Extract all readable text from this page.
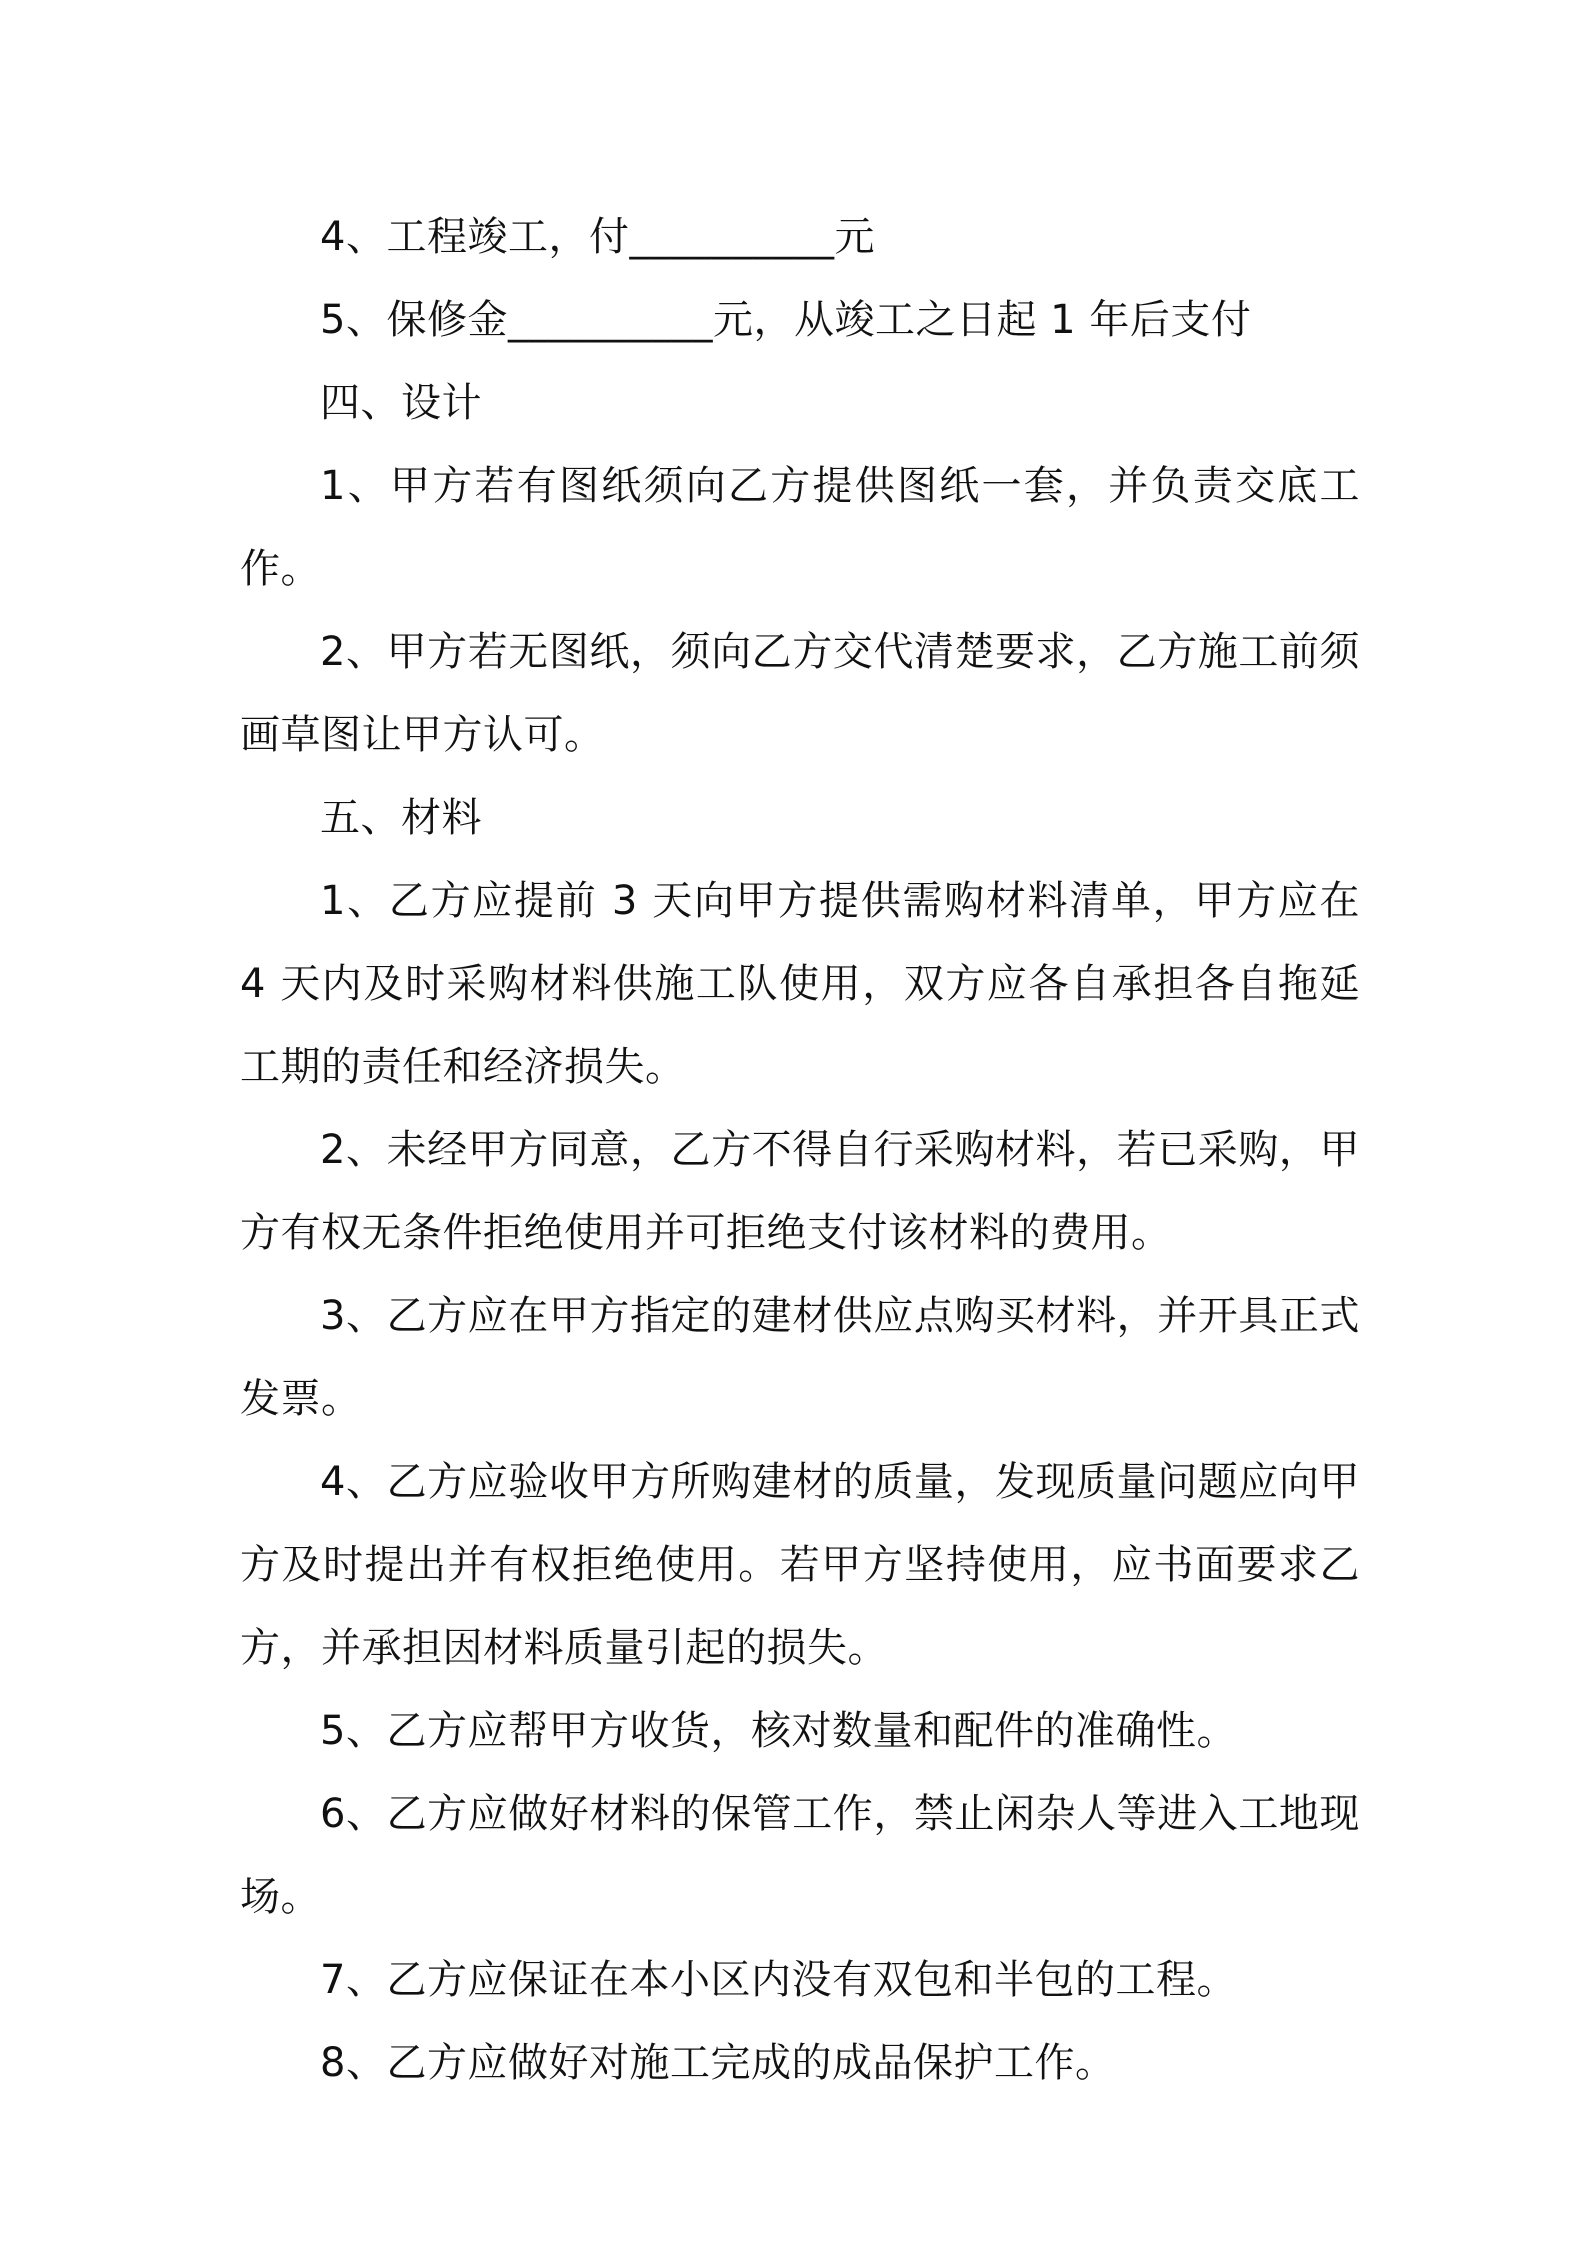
4、工程竣工，付__________元

5、保修金__________元，从竣工之日起 1 年后支付

四、设计

1、甲方若有图纸须向乙方提供图纸一套，并负责交底工作。

2、甲方若无图纸，须向乙方交代清楚要求，乙方施工前须画草图让甲方认可。

五、材料

1、乙方应提前 3 天向甲方提供需购材料清单，甲方应在 4 天内及时采购材料供施工队使用，双方应各自承担各自拖延工期的责任和经济损失。

2、未经甲方同意，乙方不得自行采购材料，若已采购，甲方有权无条件拒绝使用并可拒绝支付该材料的费用。

3、乙方应在甲方指定的建材供应点购买材料，并开具正式发票。

4、乙方应验收甲方所购建材的质量，发现质量问题应向甲方及时提出并有权拒绝使用。若甲方坚持使用，应书面要求乙方，并承担因材料质量引起的损失。

5、乙方应帮甲方收货，核对数量和配件的准确性。

6、乙方应做好材料的保管工作，禁止闲杂人等进入工地现场。

7、乙方应保证在本小区内没有双包和半包的工程。

8、乙方应做好对施工完成的成品保护工作。
